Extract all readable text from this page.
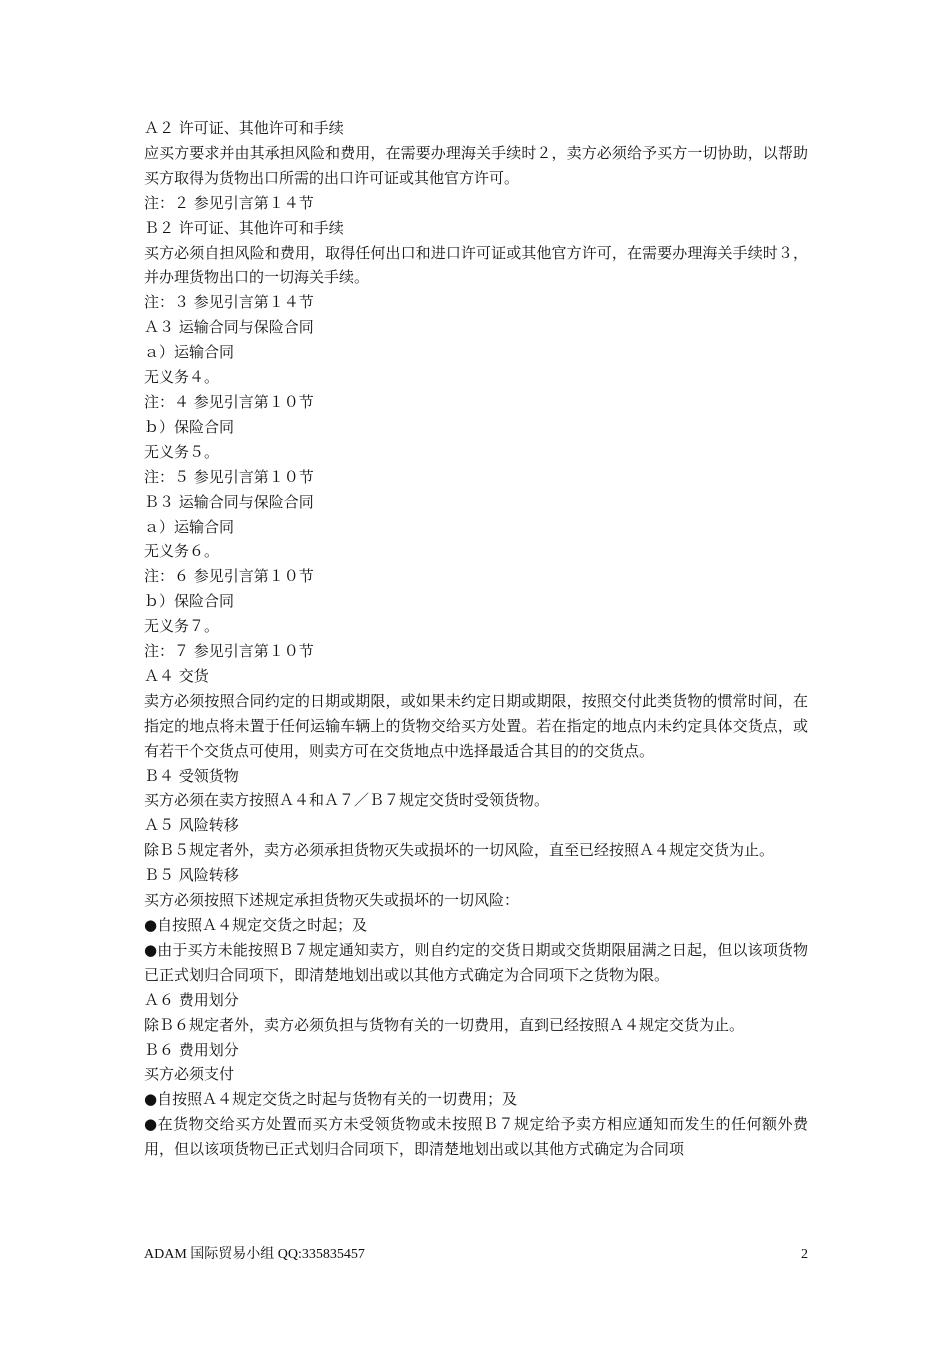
Ａ２ 许可证、其他许可和手续

应买方要求并由其承担风险和费用，在需要办理海关手续时２，卖方必须给予买方一切协助，以帮助买方取得为货物出口所需的出口许可证或其他官方许可。

注：２ 参见引言第１４节

Ｂ２ 许可证、其他许可和手续

买方必须自担风险和费用，取得任何出口和进口许可证或其他官方许可，在需要办理海关手续时３，并办理货物出口的一切海关手续。

注：３ 参见引言第１４节

Ａ３ 运输合同与保险合同

ａ）运输合同

无义务４。

注：４ 参见引言第１０节

ｂ）保险合同

无义务５。

注：５ 参见引言第１０节

Ｂ３ 运输合同与保险合同

ａ）运输合同

无义务６。

注：６ 参见引言第１０节

ｂ）保险合同

无义务７。

注：７ 参见引言第１０节

Ａ４ 交货

卖方必须按照合同约定的日期或期限，或如果未约定日期或期限，按照交付此类货物的惯常时间，在指定的地点将未置于任何运输车辆上的货物交给买方处置。若在指定的地点内未约定具体交货点，或有若干个交货点可使用，则卖方可在交货地点中选择最适合其目的的交货点。

Ｂ４ 受领货物

买方必须在卖方按照Ａ４和Ａ７／Ｂ７规定交货时受领货物。

Ａ５ 风险转移

除Ｂ５规定者外，卖方必须承担货物灭失或损坏的一切风险，直至已经按照Ａ４规定交货为止。

Ｂ５ 风险转移

买方必须按照下述规定承担货物灭失或损坏的一切风险：

●自按照Ａ４规定交货之时起；及

●由于买方未能按照Ｂ７规定通知卖方，则自约定的交货日期或交货期限届满之日起，但以该项货物已正式划归合同项下，即清楚地划出或以其他方式确定为合同项下之货物为限。

Ａ６ 费用划分

除Ｂ６规定者外，卖方必须负担与货物有关的一切费用，直到已经按照Ａ４规定交货为止。

Ｂ６ 费用划分

买方必须支付

●自按照Ａ４规定交货之时起与货物有关的一切费用；及

●在货物交给买方处置而买方未受领货物或未按照Ｂ７规定给予卖方相应通知而发生的任何额外费用，但以该项货物已正式划归合同项下，即清楚地划出或以其他方式确定为合同项

ADAM 国际贸易小组 QQ:335835457	2
